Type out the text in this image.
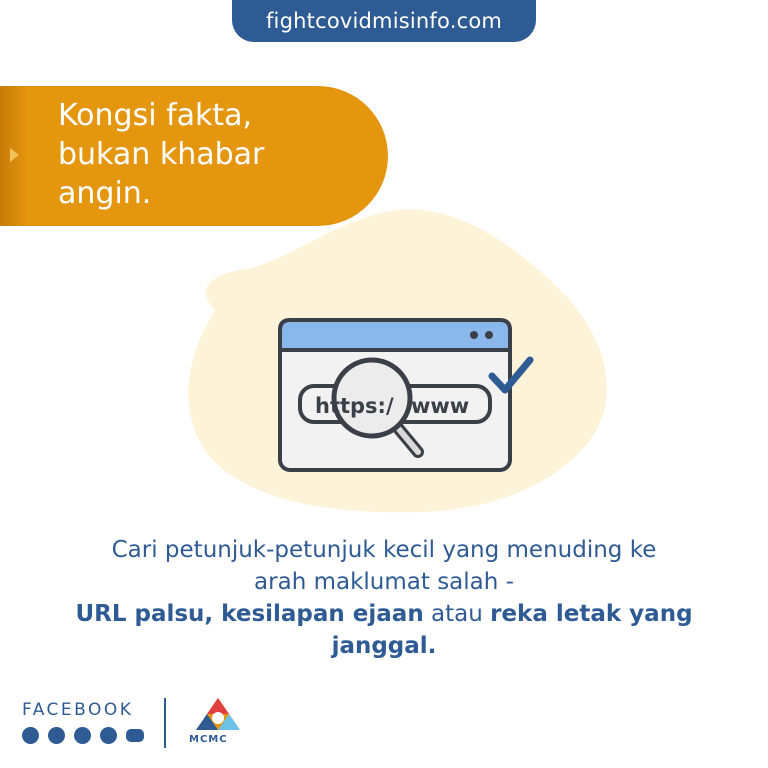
fightcovidmisinfo.com
Kongsi fakta,
bukan khabar
angin.
https:/ www
Cari petunjuk-petunjuk kecil yang menuding ke
arah maklumat salah -
URL palsu, kesilapan ejaan atau reka letak yang janggal.
FACEBOOK
MCMC
